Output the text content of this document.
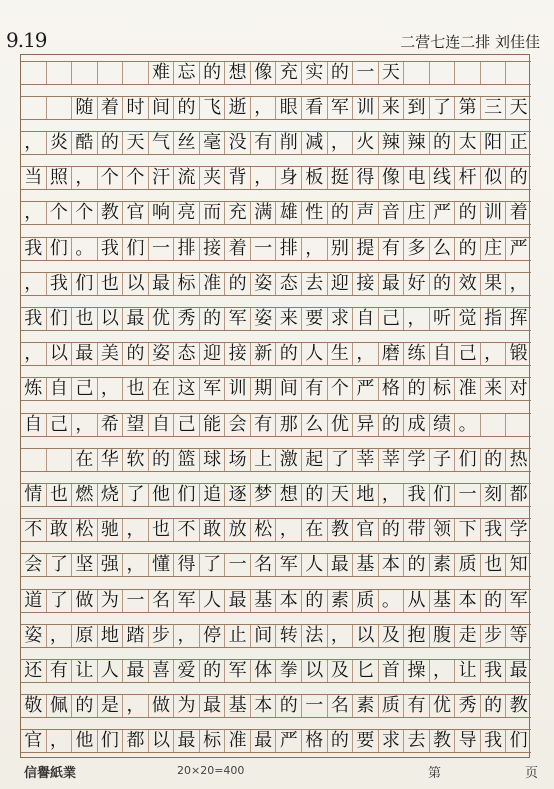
9.19	二营七连二排 刘佳佳
难 忘 的 想 像 充 实 的 一 天
随 着 时 间 的 飞 逝 ， 眼 看 军 训 来 到 了 第 三 天
， 炎 酷 的 天 气 丝 毫 没 有 削 减 ， 火 辣 辣 的 太 阳 正
当 照 ， 个 个 汗 流 夹 背 ， 身 板 挺 得 像 电 线 杆 似 的
， 个 个 教 官 响 亮 而 充 满 雄 性 的 声 音 庄 严 的 训 着
我 们 。 我 们 一 排 接 着 一 排 ， 别 提 有 多 么 的 庄 严
， 我 们 也 以 最 标 准 的 姿 态 去 迎 接 最 好 的 效 果 ，
我 们 也 以 最 优 秀 的 军 姿 来 要 求 自 己 ， 听 觉 指 挥
， 以 最 美 的 姿 态 迎 接 新 的 人 生 ， 磨 练 自 己 ， 锻
炼 自 己 ， 也 在 这 军 训 期 间 有 个 严 格 的 标 准 来 对
自 己 ， 希 望 自 己 能 会 有 那 么 优 异 的 成 绩 。
在 华 软 的 篮 球 场 上 激 起 了 莘 莘 学 子 们 的 热
情 也 燃 烧 了 他 们 追 逐 梦 想 的 天 地 ， 我 们 一 刻 都
不 敢 松 驰 ， 也 不 敢 放 松 ， 在 教 官 的 带 领 下 我 学
会 了 坚 强 ， 懂 得 了 一 名 军 人 最 基 本 的 素 质 也 知
道 了 做 为 一 名 军 人 最 基 本 的 素 质 。 从 基 本 的 军
姿 ， 原 地 踏 步 ， 停 止 间 转 法 ， 以 及 抱 腹 走 步 等
还 有 让 人 最 喜 爱 的 军 体 拳 以 及 匕 首 操 ， 让 我 最
敬 佩 的 是 ， 做 为 最 基 本 的 一 名 素 质 有 优 秀 的 教
官 ， 他 们 都 以 最 标 准 最 严 格 的 要 求 去 教 导 我 们
信譽紙業	20×20=400	第	页
